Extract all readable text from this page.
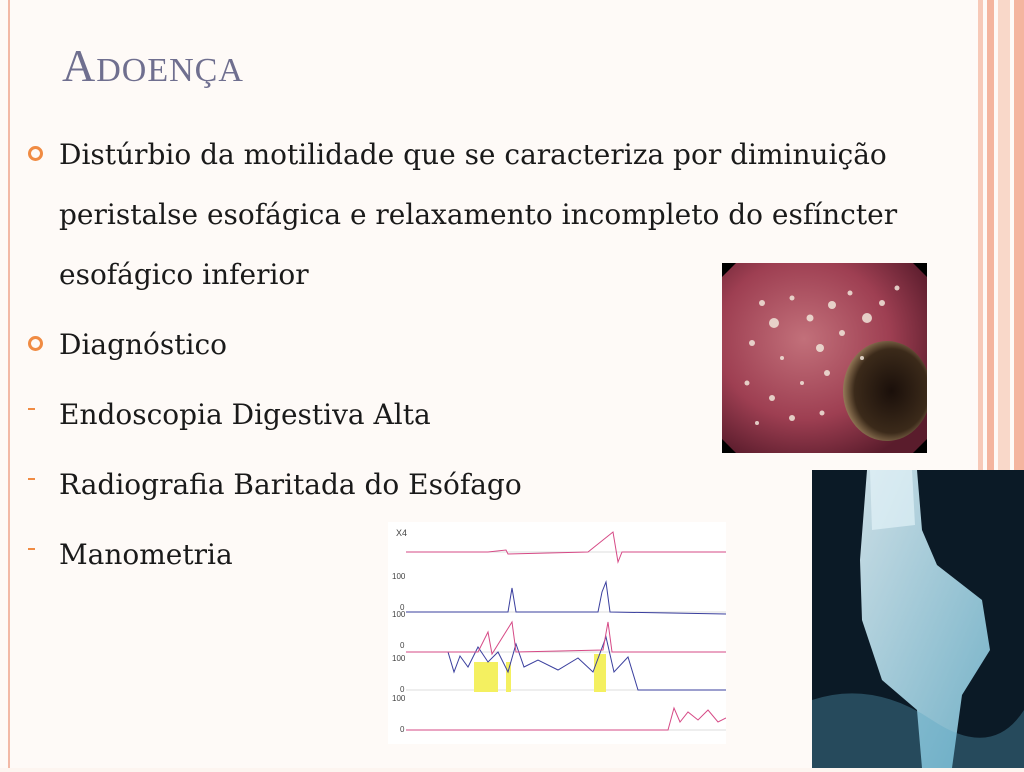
ADOENÇA
Distúrbio da motilidade que se caracteriza por diminuição peristalse esofágica e relaxamento incompleto do esfíncter esofágico inferior
Diagnóstico
Endoscopia Digestiva Alta
Radiografia Baritada do Esófago
Manometria
X4
100
0
100
0
100
0
100
0
